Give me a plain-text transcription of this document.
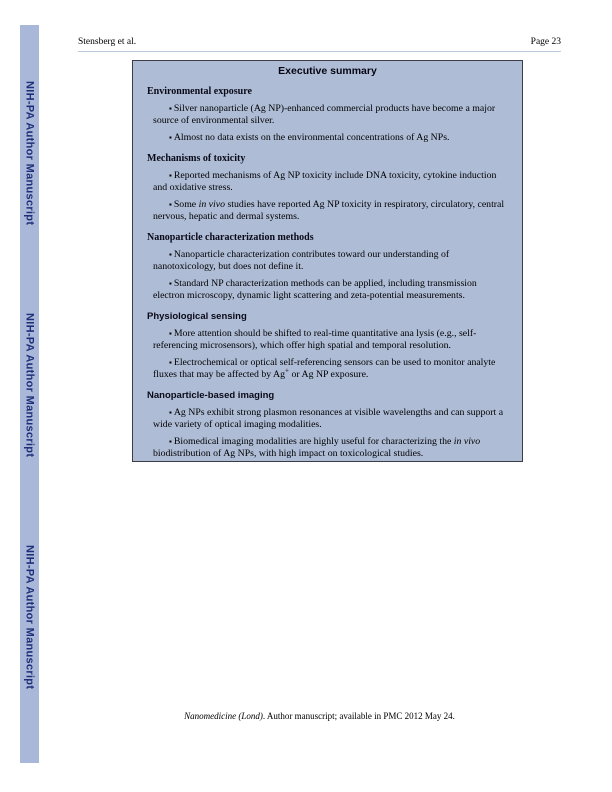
NIH-PA Author Manuscript
NIH-PA Author Manuscript
NIH-PA Author Manuscript
Stensberg et al.	Page 23
Executive summary
Environmental exposure

▪ Silver nanoparticle (Ag NP)-enhanced commercial products have become a major source of environmental silver.

▪ Almost no data exists on the environmental concentrations of Ag NPs.

Mechanisms of toxicity

▪ Reported mechanisms of Ag NP toxicity include DNA toxicity, cytokine induction and oxidative stress.

▪ Some in vivo studies have reported Ag NP toxicity in respiratory, circulatory, central nervous, hepatic and dermal systems.

Nanoparticle characterization methods

▪ Nanoparticle characterization contributes toward our understanding of nanotoxicology, but does not define it.

▪ Standard NP characterization methods can be applied, including transmission electron microscopy, dynamic light scattering and zeta-potential measurements.

Physiological sensing

▪ More attention should be shifted to real-time quantitative ana lysis (e.g., self-referencing microsensors), which offer high spatial and temporal resolution.

▪ Electrochemical or optical self-referencing sensors can be used to monitor analyte fluxes that may be affected by Ag+ or Ag NP exposure.

Nanoparticle-based imaging

▪ Ag NPs exhibit strong plasmon resonances at visible wavelengths and can support a wide variety of optical imaging modalities.

▪ Biomedical imaging modalities are highly useful for characterizing the in vivo biodistribution of Ag NPs, with high impact on toxicological studies.

Nanomedicine (Lond). Author manuscript; available in PMC 2012 May 24.
